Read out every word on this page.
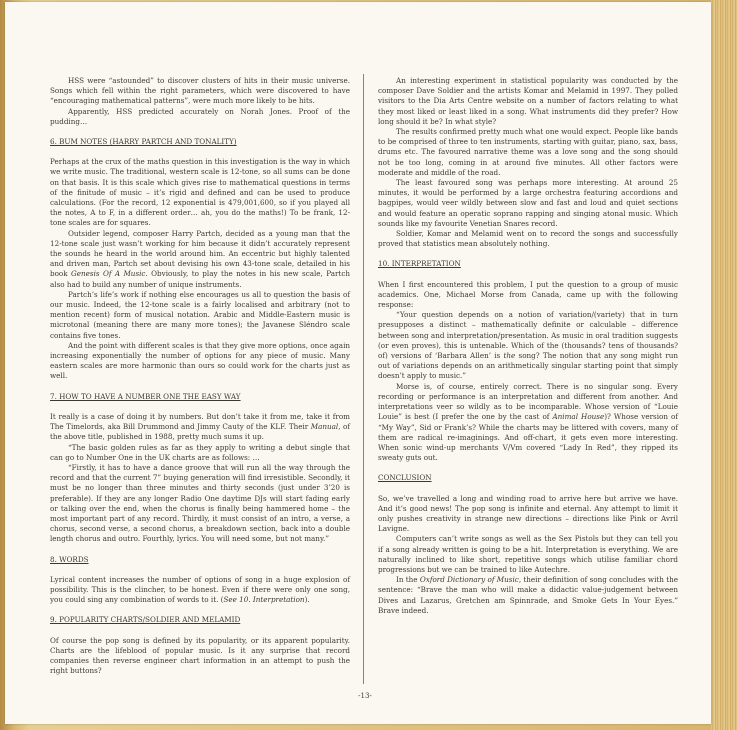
HSS were “astounded” to discover clusters of hits in their music universe. Songs which fell within the right parameters, which were discovered to have “encouraging mathematical patterns”, were much more likely to be hits.

Apparently, HSS predicted accurately on Norah Jones. Proof of the pudding…

6. BUM NOTES (HARRY PARTCH AND TONALITY)

Perhaps at the crux of the maths question in this investigation is the way in which we write music. The traditional, western scale is 12-tone, so all sums can be done on that basis. It is this scale which gives rise to mathematical questions in terms of the finitude of music – it’s rigid and defined and can be used to produce calculations. (For the record, 12 exponential is 479,001,600, so if you played all the notes, A to F, in a different order… ah, you do the maths!) To be frank, 12-tone scales are for squares.

Outsider legend, composer Harry Partch, decided as a young man that the 12-tone scale just wasn’t working for him because it didn’t accurately represent the sounds he heard in the world around him. An eccentric but highly talented and driven man, Partch set about devising his own 43-tone scale, detailed in his book Genesis Of A Music. Obviously, to play the notes in his new scale, Partch also had to build any number of unique instruments.

Partch’s life’s work if nothing else encourages us all to question the basis of our music. Indeed, the 12-tone scale is a fairly localised and arbitrary (not to mention recent) form of musical notation. Arabic and Middle-Eastern music is microtonal (meaning there are many more tones); the Javanese Sléndro scale contains five tones.

And the point with different scales is that they give more options, once again increasing exponentially the number of options for any piece of music. Many eastern scales are more harmonic than ours so could work for the charts just as well.

7. HOW TO HAVE A NUMBER ONE THE EASY WAY

It really is a case of doing it by numbers. But don’t take it from me, take it from The Timelords, aka Bill Drummond and Jimmy Cauty of the KLF. Their Manual, of the above title, published in 1988, pretty much sums it up.

“The basic golden rules as far as they apply to writing a debut single that can go to Number One in the UK charts are as follows: …

“Firstly, it has to have a dance groove that will run all the way through the record and that the current 7” buying generation will find irresistible. Secondly, it must be no longer than three minutes and thirty seconds (just under 3’20 is preferable). If they are any longer Radio One daytime DJs will start fading early or talking over the end, when the chorus is finally being hammered home – the most important part of any record. Thirdly, it must consist of an intro, a verse, a chorus, second verse, a second chorus, a breakdown section, back into a double length chorus and outro. Fourthly, lyrics. You will need some, but not many.”

8. WORDS

Lyrical content increases the number of options of song in a huge explosion of possibility. This is the clincher, to be honest. Even if there were only one song, you could sing any combination of words to it. (See 10. Interpretation).

9. POPULARITY CHARTS/SOLDIER AND MELAMID

Of course the pop song is defined by its popularity, or its apparent popularity. Charts are the lifeblood of popular music. Is it any surprise that record companies then reverse engineer chart information in an attempt to push the right buttons?

An interesting experiment in statistical popularity was conducted by the composer Dave Soldier and the artists Komar and Melamid in 1997. They polled visitors to the Dia Arts Centre website on a number of factors relating to what they most liked or least liked in a song. What instruments did they prefer? How long should it be? In what style?

The results confirmed pretty much what one would expect. People like bands to be comprised of three to ten instruments, starting with guitar, piano, sax, bass, drums etc. The favoured narrative theme was a love song and the song should not be too long, coming in at around five minutes. All other factors were moderate and middle of the road.

The least favoured song was perhaps more interesting. At around 25 minutes, it would be performed by a large orchestra featuring accordions and bagpipes, would veer wildly between slow and fast and loud and quiet sections and would feature an operatic soprano rapping and singing atonal music. Which sounds like my favourite Venetian Snares record.

Soldier, Komar and Melamid went on to record the songs and successfully proved that statistics mean absolutely nothing.

10. INTERPRETATION

When I first encountered this problem, I put the question to a group of music academics. One, Michael Morse from Canada, came up with the following response:

“Your question depends on a notion of variation/(variety) that in turn presupposes a distinct – mathematically definite or calculable – difference between song and interpretation/presentation. As music in oral tradition suggests (or even proves), this is untenable. Which of the (thousands? tens of thousands? of) versions of ‘Barbara Allen’ is the song? The notion that any song might run out of variations depends on an arithmetically singular starting point that simply doesn’t apply to music.”

Morse is, of course, entirely correct. There is no singular song. Every recording or performance is an interpretation and different from another. And interpretations veer so wildly as to be incomparable. Whose version of “Louie Louie” is best (I prefer the one by the cast of Animal House)? Whose version of “My Way”, Sid or Frank’s? While the charts may be littered with covers, many of them are radical re-imaginings. And off-chart, it gets even more interesting. When sonic wind-up merchants V/Vm covered “Lady In Red”, they ripped its sweaty guts out.

CONCLUSION

So, we’ve travelled a long and winding road to arrive here but arrive we have. And it’s good news! The pop song is infinite and eternal. Any attempt to limit it only pushes creativity in strange new directions – directions like Pink or Avril Lavigne.

Computers can’t write songs as well as the Sex Pistols but they can tell you if a song already written is going to be a hit. Interpretation is everything. We are naturally inclined to like short, repetitive songs which utilise familiar chord progressions but we can be trained to like Autechre.

In the Oxford Dictionary of Music, their definition of song concludes with the sentence: “Brave the man who will make a didactic value-judgement between Dives and Lazarus, Gretchen am Spinnrade, and Smoke Gets In Your Eyes.” Brave indeed.

-13-
